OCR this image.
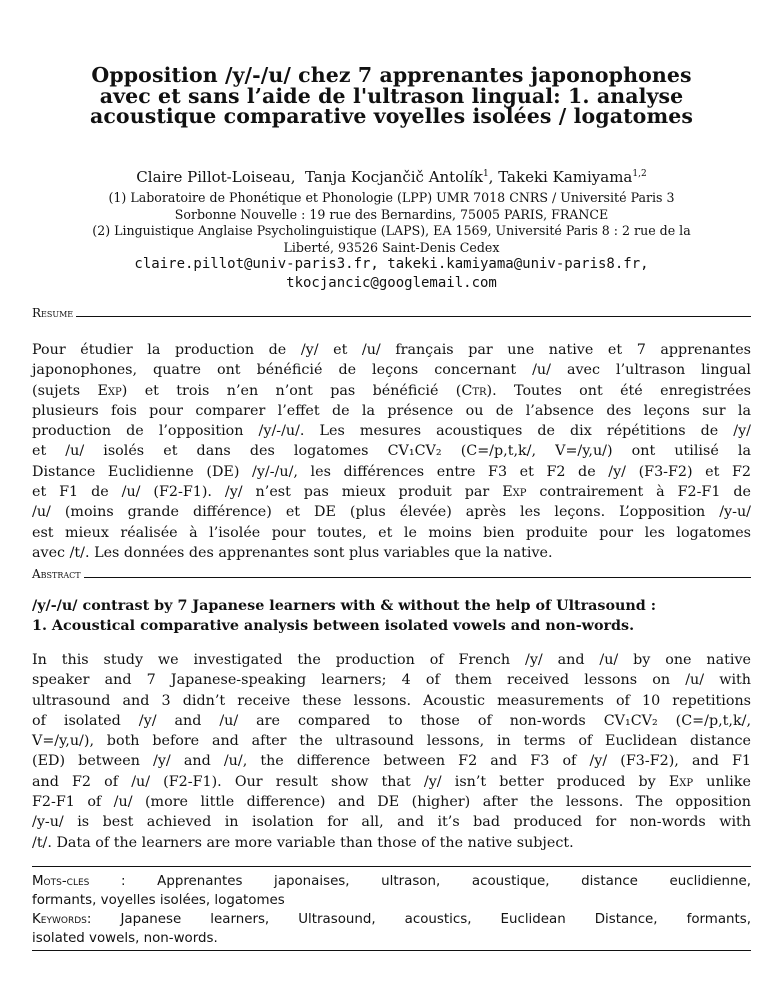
Opposition /y/-/u/ chez 7 apprenantes japonophones
avec et sans l’aide de l'ultrason lingual: 1. analyse
acoustique comparative voyelles isolées / logatomes
Claire Pillot-Loiseau, Tanja Kocjančič Antolík$^1$, Takeki Kamiyama$^{1,2}$
(1) Laboratoire de Phonétique et Phonologie (LPP) UMR 7018 CNRS / Université Paris 3
Sorbonne Nouvelle : 19 rue des Bernardins, 75005 PARIS, FRANCE
(2) Linguistique Anglaise Psycholinguistique (LAPS), EA 1569, Université Paris 8 : 2 rue de la
Liberté, 93526 Saint-Denis Cedex
claire.pillot@univ-paris3.fr, takeki.kamiyama@univ-paris8.fr,
tkocjancic@googlemail.com
Resume
Pour étudier la production de /y/ et /u/ français par une native et 7 apprenantes
japonophones, quatre ont bénéficié de leçons concernant /u/ avec l’ultrason lingual
(sujets Exp) et trois n’en n’ont pas bénéficié (Ctr). Toutes ont été enregistrées
plusieurs fois pour comparer l’effet de la présence ou de l’absence des leçons sur la
production de l’opposition /y/-/u/. Les mesures acoustiques de dix répétitions de /y/
et /u/ isolés et dans des logatomes CV₁CV₂ (C=/p,t,k/, V=/y,u/) ont utilisé la
Distance Euclidienne (DE) /y/-/u/, les différences entre F3 et F2 de /y/ (F3-F2) et F2
et F1 de /u/ (F2-F1). /y/ n’est pas mieux produit par Exp contrairement à F2-F1 de
/u/ (moins grande différence) et DE (plus élevée) après les leçons. L’opposition /y-u/
est mieux réalisée à l’isolée pour toutes, et le moins bien produite pour les logatomes
avec /t/. Les données des apprenantes sont plus variables que la native.
Abstract
/y/-/u/ contrast by 7 Japanese learners with & without the help of Ultrasound :
1. Acoustical comparative analysis between isolated vowels and non-words.
In this study we investigated the production of French /y/ and /u/ by one native
speaker and 7 Japanese-speaking learners; 4 of them received lessons on /u/ with
ultrasound and 3 didn’t receive these lessons. Acoustic measurements of 10 repetitions
of isolated /y/ and /u/ are compared to those of non-words CV₁CV₂ (C=/p,t,k/,
V=/y,u/), both before and after the ultrasound lessons, in terms of Euclidean distance
(ED) between /y/ and /u/, the difference between F2 and F3 of /y/ (F3-F2), and F1
and F2 of /u/ (F2-F1). Our result show that /y/ isn’t better produced by Exp unlike
F2-F1 of /u/ (more little difference) and DE (higher) after the lessons. The opposition
/y-u/ is best achieved in isolation for all, and it’s bad produced for non-words with
/t/. Data of the learners are more variable than those of the native subject.
Mots-cles : Apprenantes japonaises, ultrason, acoustique, distance euclidienne,
formants, voyelles isolées, logatomes
Keywords: Japanese learners, Ultrasound, acoustics, Euclidean Distance, formants,
isolated vowels, non-words.
